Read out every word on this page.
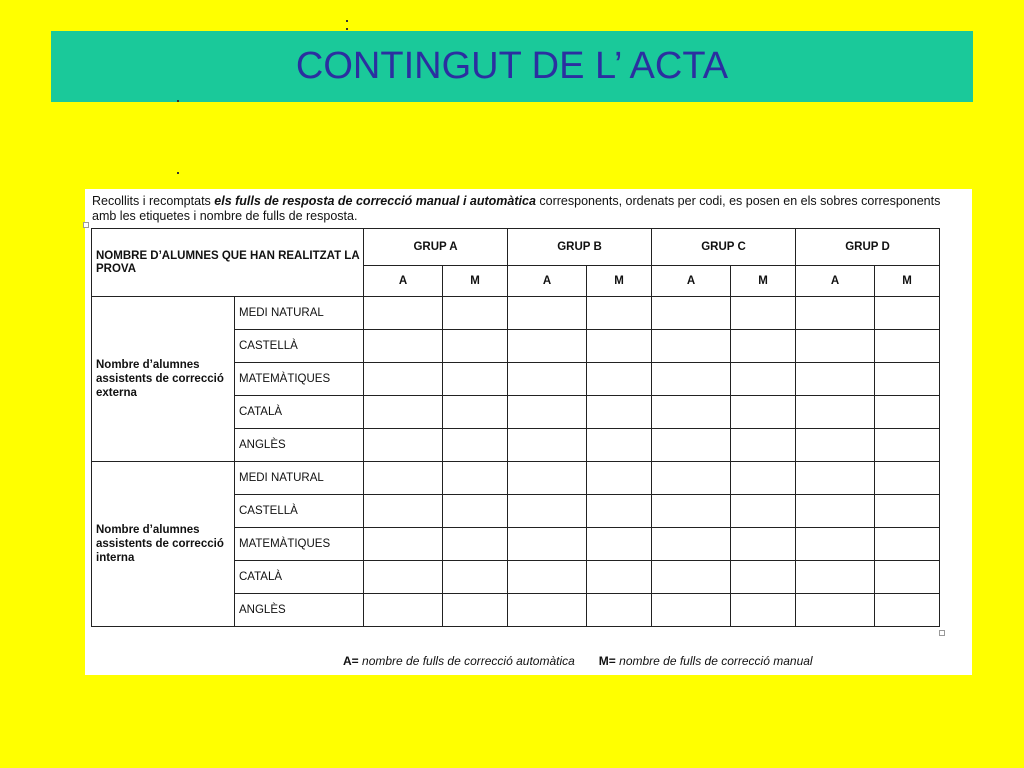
CONTINGUT DE L’ ACTA
Recollits i recomptats els fulls de resposta de correcció manual i automàtica corresponents, ordenats per codi, es posen en els sobres corresponents amb les etiquetes i nombre de fulls de resposta.
NOMBRE D’ALUMNES QUE HAN REALITZAT LA PROVA		GRUP A		GRUP B		GRUP C		GRUP D	
		A	M	A	M	A	M	A	M
Nombre d’alumnes assistents de correcció externa	MEDI NATURAL								
	CASTELLÀ								
	MATEMÀTIQUES								
	CATALÀ								
	ANGLÈS								
Nombre d’alumnes assistents de correcció interna	MEDI NATURAL								
	CASTELLÀ								
	MATEMÀTIQUES								
	CATALÀ								
	ANGLÈS								
A= nombre de fulls de correcció automàtica M= nombre de fulls de correcció manual
